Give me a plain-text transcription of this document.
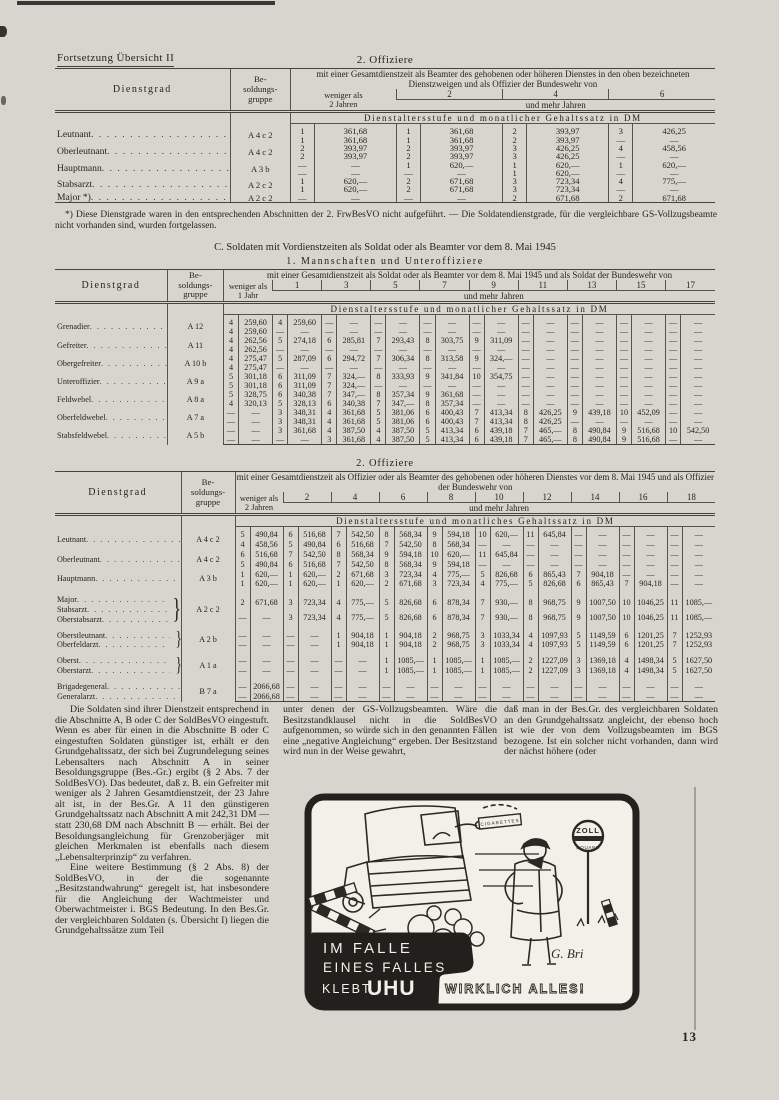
Fortsetzung Übersicht II	2. Offiziere
Dienstgrad	Be-
soldungs-
gruppe	mit einer Gesamtdienstzeit als Beamter des gehobenen oder höheren Dienstes in den oben bezeichneten Dienstzweigen und als Offizier der Bundeswehr von							
		weniger als
2 Jahren		2		4		6	
				und mehr Jahren					
		Dienstaltersstufe und monatlicher Gehaltssatz in DM							

Leutnant
. . .	A 4 c 2	1	361,68	1	361,68	2	393,97	3	426,25
		1	361,68	1	361,68	2	393,97	—	—

Oberleutnant
. . .	A 4 c 2	2	393,97	2	393,97	3	426,25	4	458,56
		2	393,97	2	393,97	3	426,25	—	—

Hauptmann
. . .	A 3 b	—	—	1	620,—	1	620,—	1	620,—
		—	—	—	—	1	620,—	—	—

Stabsarzt
. . .	A 2 c 2	1	620,—	2	671,68	3	723,34	4	775,—
		1	620,—	2	671,68	3	723,34	—	—

Major *)
. . .	A 2 c 2	—	—	—	—	2	671,68	2	671,68
*) Diese Dienstgrade waren in den entsprechenden Abschnitten der 2. FrwBesVO nicht aufgeführt. — Die Soldatendienstgrade, für die vergleichbare GS-Vollzugsbeamte nicht vorhanden sind, wurden fortgelassen.
C. Soldaten mit Vordienstzeiten als Soldat oder als Beamter vor dem 8. Mai 1945
1. Mannschaften und Unteroffiziere
Dienstgrad	Be-
soldungs-
gruppe	mit einer Gesamtdienstzeit als Soldat oder als Beamter vor dem 8. Mai 1945 und als Soldat der Bundeswehr von																			
		weniger als
1 Jahr		1		3		5		7		9		11		13		15		17	
				und mehr Jahren																	
		Dienstaltersstufe und monatlicher Gehaltssatz in DM																			

Grenadier
. . .	A 12	4	259,60	4	259,60	—	—	—	—	—	—	—	—	—	—	—	—	—	—	—	—
		4	259,60	—	—	—	—	—	—	—	—	—	—	—	—	—	—	—	—	—	—

Gefreiter
. . .	A 11	4	262,56	5	274,18	6	285,81	7	293,43	8	303,75	9	311,09	—	—	—	—	—	—	—	—
		4	262,56	—	—	—	—	—	—	—	—	—	—	—	—	—	—	—	—	—	—

Obergefreiter
. . .	A 10 b	4	275,47	5	287,09	6	294,72	7	306,34	8	313,58	9	324,—	—	—	—	—	—	—	—	—
		4	275,47	—	—	—	—	—	—	—	—	—	—	—	—	—	—	—	—	—	—

Unteroffizier
. . .	A 9 a	5	301,18	6	311,09	7	324,—	8	333,93	9	341,84	10	354,75	—	—	—	—	—	—	—	—
		5	301,18	6	311,09	7	324,—	—	—	—	—	—	—	—	—	—	—	—	—	—	—

Feldwebel
. . .	A 8 a	5	328,75	6	340,38	7	347,—	8	357,34	9	361,68	—	—	—	—	—	—	—	—	—	—
		4	320,13	5	328,13	6	340,38	7	347,—	8	357,34	—	—	—	—	—	—	—	—	—	—

Oberfeldwebel
. . .	A 7 a	—	—	3	348,31	4	361,68	5	381,06	6	400,43	7	413,34	8	426,25	9	439,18	10	452,09	—	—
		—	—	3	348,31	4	361,68	5	381,06	6	400,43	7	413,34	8	426,25	—	—	—	—	—	—

Stabsfeldwebel
. . .	A 5 b	—	—	3	361,68	4	387,50	4	387,50	5	413,34	6	439,18	7	465,—	8	490,84	9	516,68	10	542,50
		—	—	—	—	3	361,68	4	387,50	5	413,34	6	439,18	7	465,—	8	490,84	9	516,68	—	—
2. Offiziere
Dienstgrad	Be-
soldungs-
gruppe	mit einer Gesamtdienstzeit als Offizier oder als Beamter des gehobenen oder höheren Dienstes vor dem 8. Mai 1945 und als Offizier der Bundeswehr von																			
		weniger als
2 Jahren		2		4		6		8		10		12		14		16		18	
				und mehr Jahren																	
		Dienstaltersstufe und monatliches Gehaltssatz in DM																			

Leutnant
. . .	A 4 c 2	5	490,84	6	516,68	7	542,50	8	568,34	9	594,18	10	620,—	11	645,84	—	—	—	—	—	—
		4	458,56	5	490,84	6	516,68	7	542,50	8	568,34	—	—	—	—	—	—	—	—	—	—

Oberleutnant
. . .	A 4 c 2	6	516,68	7	542,50	8	568,34	9	594,18	10	620,—	11	645,84	—	—	—	—	—	—	—	—
		5	490,84	6	516,68	7	542,50	8	568,34	9	594,18	—	—	—	—	—	—	—	—	—	—

Hauptmann
. . .	A 3 b	1	620,—	1	620,—	2	671,68	3	723,34	4	775,—	5	826,68	6	865,43	7	904,18	—	—	—	—
		1	620,—	1	620,—	1	620,—	2	671,68	3	723,34	4	775,—	5	826,68	6	865,43	7	904,18	—	—

Major
. . .
Stabsarzt
. . .
Oberstabsarzt . . . }	A 2 c 2	2	671,68	3	723,34	4	775,—	5	826,68	6	878,34	7	930,—	8	968,75	9	1007,50	10	1046,25	11	1085,—
		—	—	3	723,34	4	775,—	5	826,68	6	878,34	7	930,—	8	968,75	9	1007,50	10	1046,25	11	1085,—

Oberstleutnant
. . .
Oberfeldarzt . . . }	A 2 b	—	—	—	—	1	904,18	1	904,18	2	968,75	3	1033,34	4	1097,93	5	1149,59	6	1201,25	7	1252,93
		—	—	—	—	1	904,18	1	904,18	2	968,75	3	1033,34	4	1097,93	5	1149,59	6	1201,25	7	1252,93

Oberst
. . .
Oberstarzt . . . }	A 1 a	—	—	—	—	—	—	1	1085,—	1	1085,—	1	1085,—	2	1227,09	3	1369,18	4	1498,34	5	1627,50
		—	—	—	—	—	—	1	1085,—	1	1085,—	1	1085,—	2	1227,09	3	1369,18	4	1498,34	5	1627,50

Brigadegeneral
. . .
Generalarzt
. . .	B 7 a	—	2066,68	—	—	—	—	—	—	—	—	—	—	—	—	—	—	—	—	—	—
		—	2066,68	—	—	—	—	—	—	—	—	—	—	—	—	—	—	—	—	—	—

Die Soldaten sind ihrer Dienstzeit entsprechend in die Abschnitte A, B oder C der SoldBesVO eingestuft. Wenn es aber für einen in die Abschnitte B oder C eingestuften Soldaten günstiger ist, erhält er den Grundgehaltssatz, der sich bei Zugrundelegung seines Lebensalters nach Abschnitt A in seiner Besoldungsgruppe (Bes.-Gr.) ergibt (§ 2 Abs. 7 der SoldBesVO). Das bedeutet, daß z. B. ein Gefreiter mit weniger als 2 Jahren Gesamtdienstzeit, der 23 Jahre alt ist, in der Bes.Gr. A 11 den günstigeren Grundgehaltssatz nach Abschnitt A mit 242,31 DM — statt 230,68 DM nach Abschnitt B — erhält. Bei der Besoldungsangleichung für Grenzoberjäger mit gleichen Merkmalen ist ebenfalls nach diesem „Lebensalterprinzip“ zu verfahren.

Eine weitere Bestimmung (§ 2 Abs. 8) der SoldBesVO, in der die sogenannte „Besitzstandwahrung“ geregelt ist, hat insbesondere für die Angleichung der Wachtmeister und Oberwachtmeister i. BGS Bedeutung. In den Bes.Gr. der vergleichbaren Soldaten (s. Übersicht I) liegen die Grundgehaltssätze zum Teil

unter denen der GS-Vollzugsbeamten. Wäre die Besitzstandklausel nicht in die SoldBesVO aufgenommen, so würde sich in den genannten Fällen eine „negative Angleichung“ ergeben. Der Besitzstand wird nun in der Weise gewahrt,

daß man in der Bes.Gr. des vergleichbaren Soldaten an den Grundgehaltssatz angleicht, der ebenso hoch ist wie der von dem Vollzugsbeamten im BGS bezogene. Ist ein solcher nicht vorhanden, dann wird der nächst höhere (oder

CIGARETTES
ZOLL
DOUANE
G. Bri
IM FALLE
EINES FALLES
KLEBT
UHU WIRKLICH ALLES!
13
